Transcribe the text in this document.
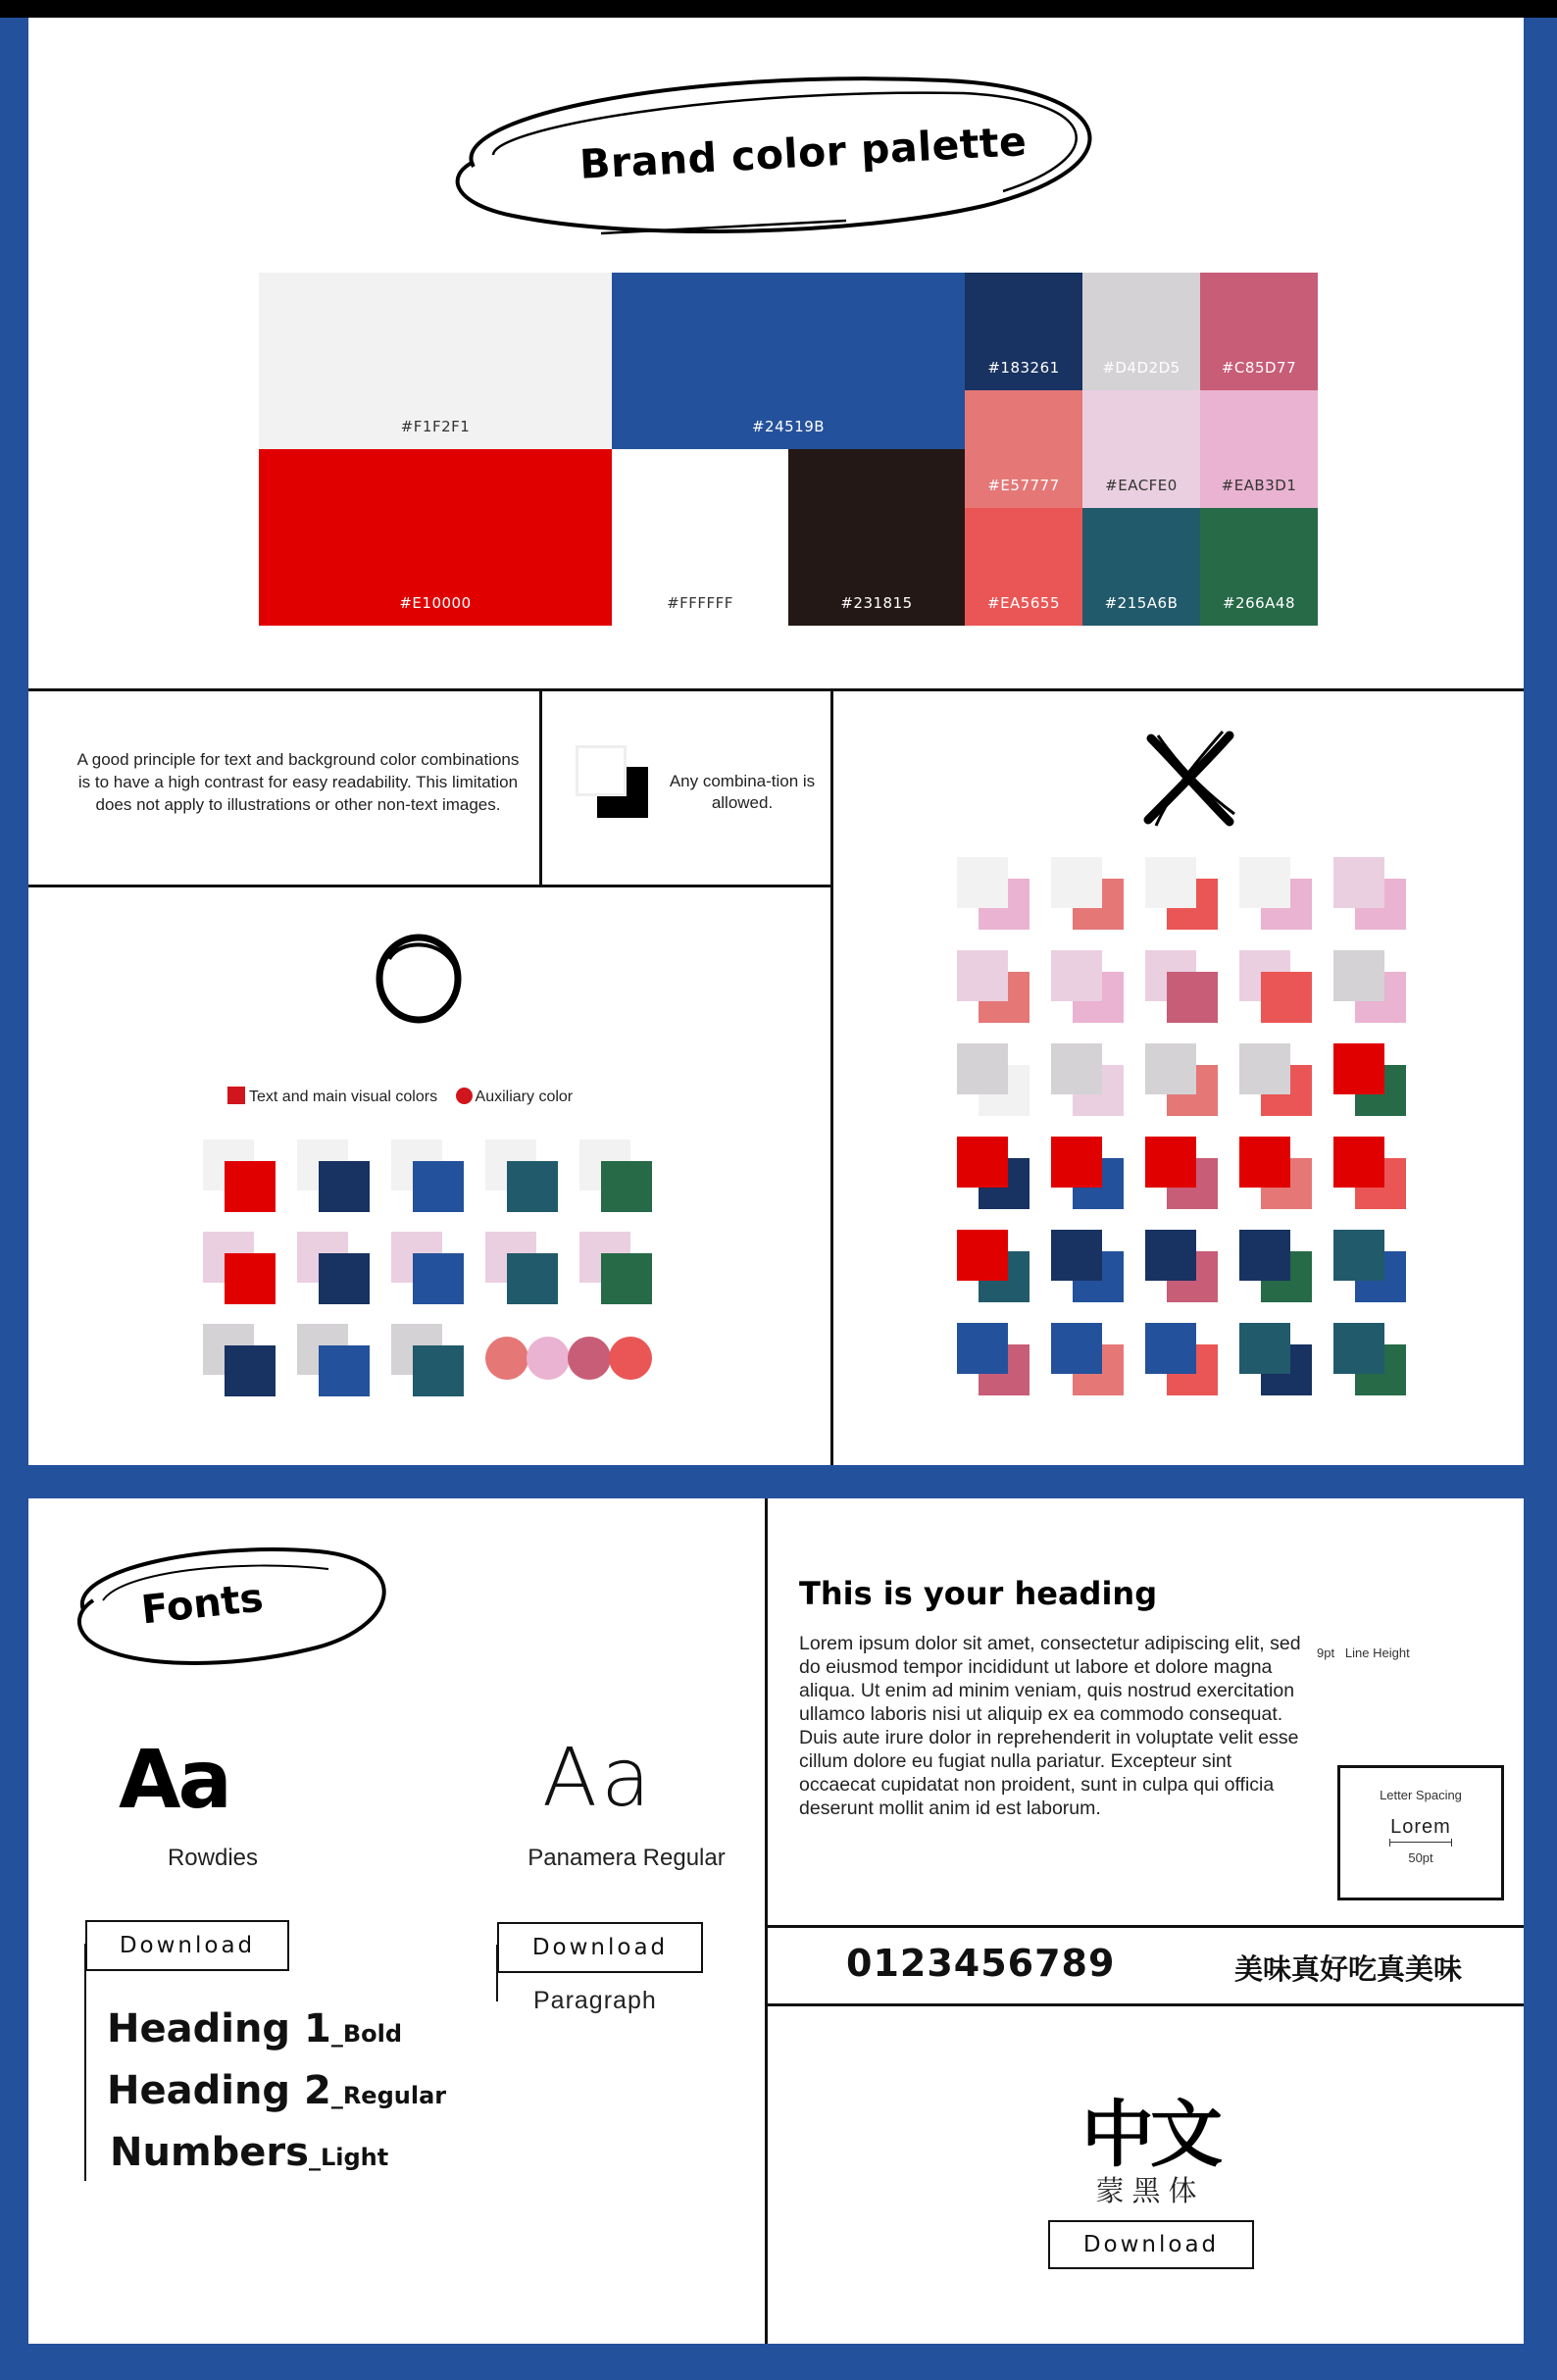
Brand color palette
#F1F2F1	#24519B
#183261	#D4D2D5	#C85D77
#E57777	#EACFE0	#EAB3D1
#E10000	#FFFFFF	#231815	#EA5655	#215A6B	#266A48
A good principle for text and background color combinations is to have a high contrast for easy readability. This limitation does not apply to illustrations or other non-text images.
Any combina-tion is allowed.
Text and main visual colors Auxiliary color
Fonts
Aa
Rowdies
Aa
Panamera Regular
Download	Download
Heading 1_Bold
Heading 2_Regular
Numbers_Light
Paragraph
This is your heading
Lorem ipsum dolor sit amet, consectetur adipiscing elit, sed do eiusmod tempor incididunt ut labore et dolore magna aliqua. Ut enim ad minim veniam, quis nostrud exercitation ullamco laboris nisi ut aliquip ex ea commodo consequat. Duis aute irure dolor in reprehenderit in voluptate velit esse cillum dolore eu fugiat nulla pariatur. Excepteur sint occaecat cupidatat non proident, sunt in culpa qui officia deserunt mollit anim id est laborum.
9pt Line Height
Letter Spacing
Lorem
50pt
0123456789	美味真好吃真美味
中文
蒙黑体
Download
